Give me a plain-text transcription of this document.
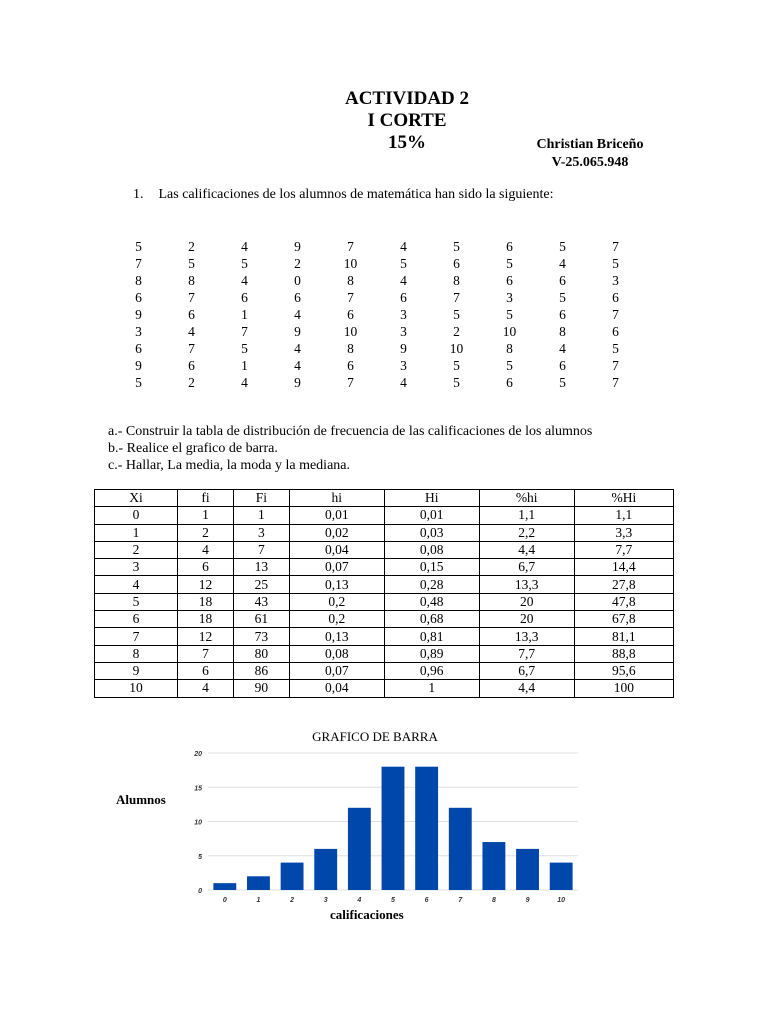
ACTIVIDAD 2
I CORTE
15%	Christian Briceño
V-25.065.948
1. Las calificaciones de los alumnos de matemática han sido la siguiente:
5	2	4	9	7	4	5	6	5	7
7	5	5	2	10	5	6	5	4	5
8	8	4	0	8	4	8	6	6	3
6	7	6	6	7	6	7	3	5	6
9	6	1	4	6	3	5	5	6	7
3	4	7	9	10	3	2	10	8	6
6	7	5	4	8	9	10	8	4	5
9	6	1	4	6	3	5	5	6	7
5	2	4	9	7	4	5	6	5	7
a.- Construir la tabla de distribución de frecuencia de las calificaciones de los alumnos
b.- Realice el grafico de barra.
c.- Hallar, La media, la moda y la mediana.
Xi	fi	Fi	hi	Hi	%hi	%Hi
0	1	1	0,01	0,01	1,1	1,1
1	2	3	0,02	0,03	2,2	3,3
2	4	7	0,04	0,08	4,4	7,7
3	6	13	0,07	0,15	6,7	14,4
4	12	25	0,13	0,28	13,3	27,8
5	18	43	0,2	0,48	20	47,8
6	18	61	0,2	0,68	20	67,8
7	12	73	0,13	0,81	13,3	81,1
8	7	80	0,08	0,89	7,7	88,8
9	6	86	0,07	0,96	6,7	95,6
10	4	90	0,04	1	4,4	100
GRAFICO DE BARRA
Alumnos
calificaciones
0
5
10
15
20
0	1	2	3	4	5	6	7	8	9	10
